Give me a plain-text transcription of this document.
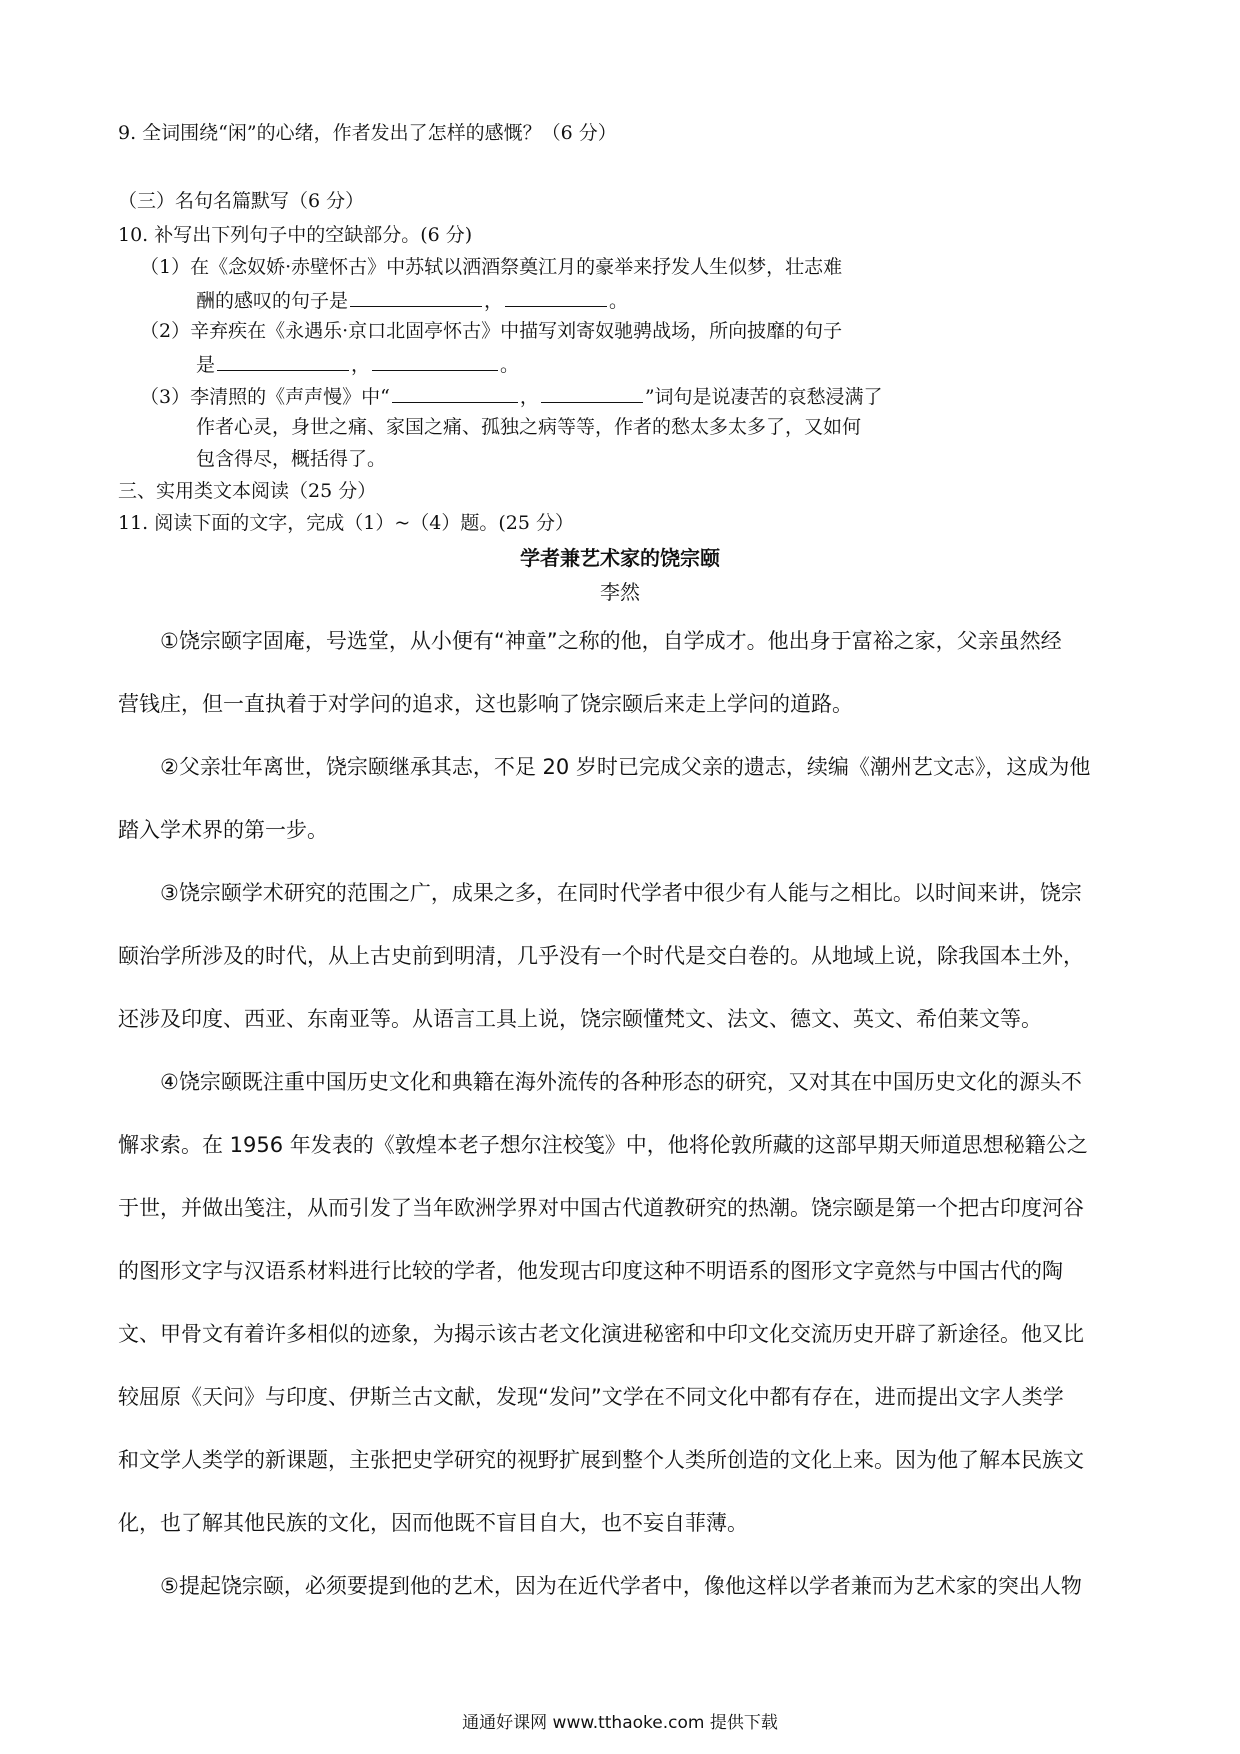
9. 全词围绕“闲”的心绪，作者发出了怎样的感慨？（6 分）
（三）名句名篇默写（6 分）
10. 补写出下列句子中的空缺部分。(6 分)
（1）在《念奴娇·赤壁怀古》中苏轼以洒酒祭奠江月的豪举来抒发人生似梦，壮志难
酬的感叹的句子是	，	。
（2）辛弃疾在《永遇乐·京口北固亭怀古》中描写刘寄奴驰骋战场，所向披靡的句子
是	，	。
（3）李清照的《声声慢》中“	，	”词句是说凄苦的哀愁浸满了
作者心灵，身世之痛、家国之痛、孤独之病等等，作者的愁太多太多了，又如何
包含得尽，概括得了。
三、实用类文本阅读（25 分）
11. 阅读下面的文字，完成（1）~（4）题。(25 分）
学者兼艺术家的饶宗颐
李然
①饶宗颐字固庵，号选堂，从小便有“神童”之称的他，自学成才。他出身于富裕之家，父亲虽然经
营钱庄，但一直执着于对学问的追求，这也影响了饶宗颐后来走上学问的道路。
②父亲壮年离世，饶宗颐继承其志，不足 20 岁时已完成父亲的遗志，续编《潮州艺文志》，这成为他
踏入学术界的第一步。
③饶宗颐学术研究的范围之广，成果之多，在同时代学者中很少有人能与之相比。以时间来讲，饶宗
颐治学所涉及的时代，从上古史前到明清，几乎没有一个时代是交白卷的。从地域上说，除我国本土外，
还涉及印度、西亚、东南亚等。从语言工具上说，饶宗颐懂梵文、法文、德文、英文、希伯莱文等。
④饶宗颐既注重中国历史文化和典籍在海外流传的各种形态的研究，又对其在中国历史文化的源头不
懈求索。在 1956 年发表的《敦煌本老子想尔注校笺》中，他将伦敦所藏的这部早期天师道思想秘籍公之
于世，并做出笺注，从而引发了当年欧洲学界对中国古代道教研究的热潮。饶宗颐是第一个把古印度河谷
的图形文字与汉语系材料进行比较的学者，他发现古印度这种不明语系的图形文字竟然与中国古代的陶
文、甲骨文有着许多相似的迹象，为揭示该古老文化演进秘密和中印文化交流历史开辟了新途径。他又比
较屈原《天问》与印度、伊斯兰古文献，发现“发问”文学在不同文化中都有存在，进而提出文字人类学
和文学人类学的新课题，主张把史学研究的视野扩展到整个人类所创造的文化上来。因为他了解本民族文
化，也了解其他民族的文化，因而他既不盲目自大，也不妄自菲薄。
⑤提起饶宗颐，必须要提到他的艺术，因为在近代学者中，像他这样以学者兼而为艺术家的突出人物
通通好课网 www.tthaoke.com 提供下载
